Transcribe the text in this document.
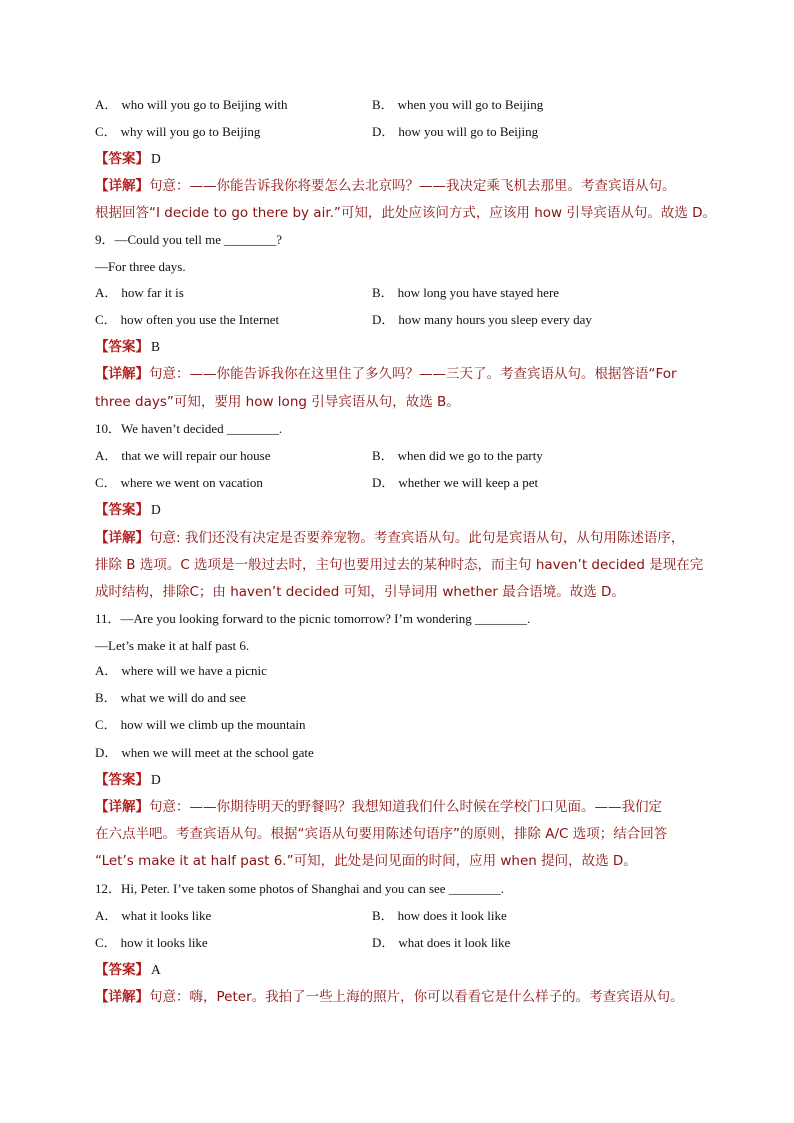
A． who will you go to Beijing with	B． when you will go to Beijing
C． why will you go to Beijing	D． how you will go to Beijing
【答案】 D
【详解】句意：——你能告诉我你将要怎么去北京吗？——我决定乘飞机去那里。考查宾语从句。
根据回答“I decide to go there by air.”可知，此处应该问方式，应该用 how 引导宾语从句。故选 D。
9．—Could you tell me ________?
—For three days.
A． how far it is	B． how long you have stayed here
C． how often you use the Internet	D． how many hours you sleep every day
【答案】 B
【详解】句意：——你能告诉我你在这里住了多久吗？——三天了。考查宾语从句。根据答语“For
three days”可知，要用 how long 引导宾语从句，故选 B。
10．We haven’t decided ________.
A． that we will repair our house	B． when did we go to the party
C． where we went on vacation	D． whether we will keep a pet
【答案】 D
【详解】句意: 我们还没有决定是否要养宠物。考查宾语从句。此句是宾语从句，从句用陈述语序，
排除 B 选项。C 选项是一般过去时，主句也要用过去的某种时态，而主句 haven’t decided 是现在完
成时结构，排除C；由 haven’t decided 可知，引导词用 whether 最合语境。故选 D。
11．—Are you looking forward to the picnic tomorrow? I’m wondering ________.
—Let’s make it at half past 6.
A． where will we have a picnic
B． what we will do and see
C． how will we climb up the mountain
D． when we will meet at the school gate
【答案】 D
【详解】句意：——你期待明天的野餐吗？我想知道我们什么时候在学校门口见面。——我们定
在六点半吧。考查宾语从句。根据“宾语从句要用陈述句语序”的原则，排除 A/C 选项；结合回答
“Let’s make it at half past 6.”可知，此处是问见面的时间，应用 when 提问，故选 D。
12．Hi, Peter. I’ve taken some photos of Shanghai and you can see ________.
A． what it looks like	B． how does it look like
C． how it looks like	D． what does it look like
【答案】 A
【详解】句意：嗨，Peter。我拍了一些上海的照片，你可以看看它是什么样子的。考查宾语从句。
